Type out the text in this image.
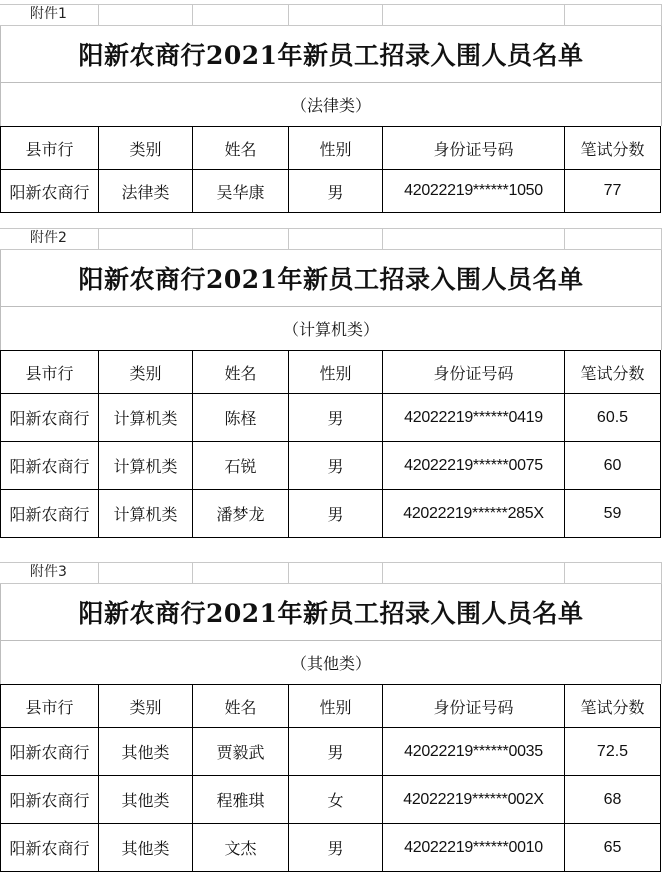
附件1
阳新农商行2021年新员工招录入围人员名单
（法律类）
县市行	类别	姓名	性别	身份证号码	笔试分数
阳新农商行	法律类	吴华康	男	42022219******1050	77
附件2
阳新农商行2021年新员工招录入围人员名单
（计算机类）
县市行	类别	姓名	性别	身份证号码	笔试分数
阳新农商行	计算机类	陈柽	男	42022219******0419	60.5
阳新农商行	计算机类	石锐	男	42022219******0075	60
阳新农商行	计算机类	潘梦龙	男	42022219******285X	59
附件3
阳新农商行2021年新员工招录入围人员名单
（其他类）
县市行	类别	姓名	性别	身份证号码	笔试分数
阳新农商行	其他类	贾毅武	男	42022219******0035	72.5
阳新农商行	其他类	程雅琪	女	42022219******002X	68
阳新农商行	其他类	文杰	男	42022219******0010	65
